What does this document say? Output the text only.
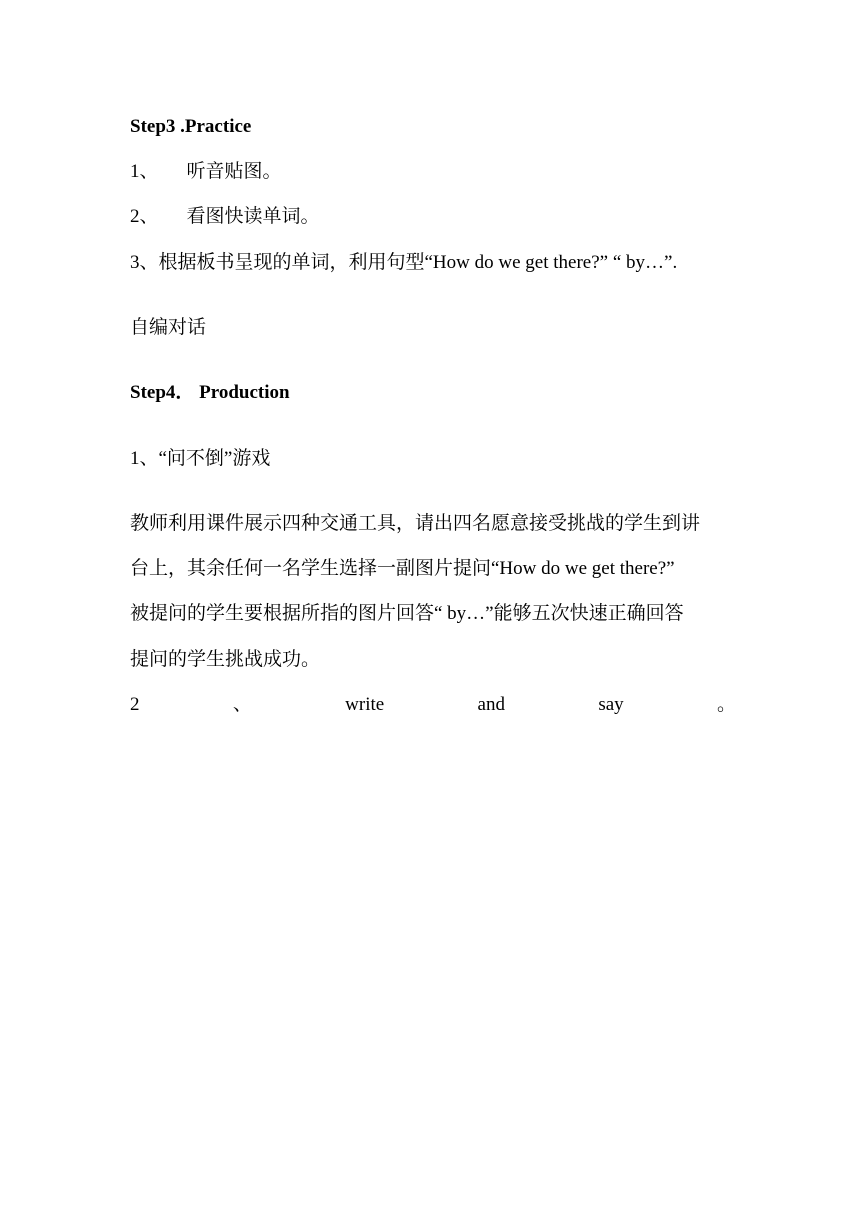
Step3 .Practice
1、 听音贴图。
2、 看图快读单词。
3、根据板书呈现的单词，利用句型“How do we get there?” “ by…”.
自编对话
Step4． Production
1、“问不倒”游戏
教师利用课件展示四种交通工具，请出四名愿意接受挑战的学生到讲
台上，其余任何一名学生选择一副图片提问“How do we get there?”
被提问的学生要根据所指的图片回答“ by…”能够五次快速正确回答
提问的学生挑战成功。
2	、	write	and	say	。
